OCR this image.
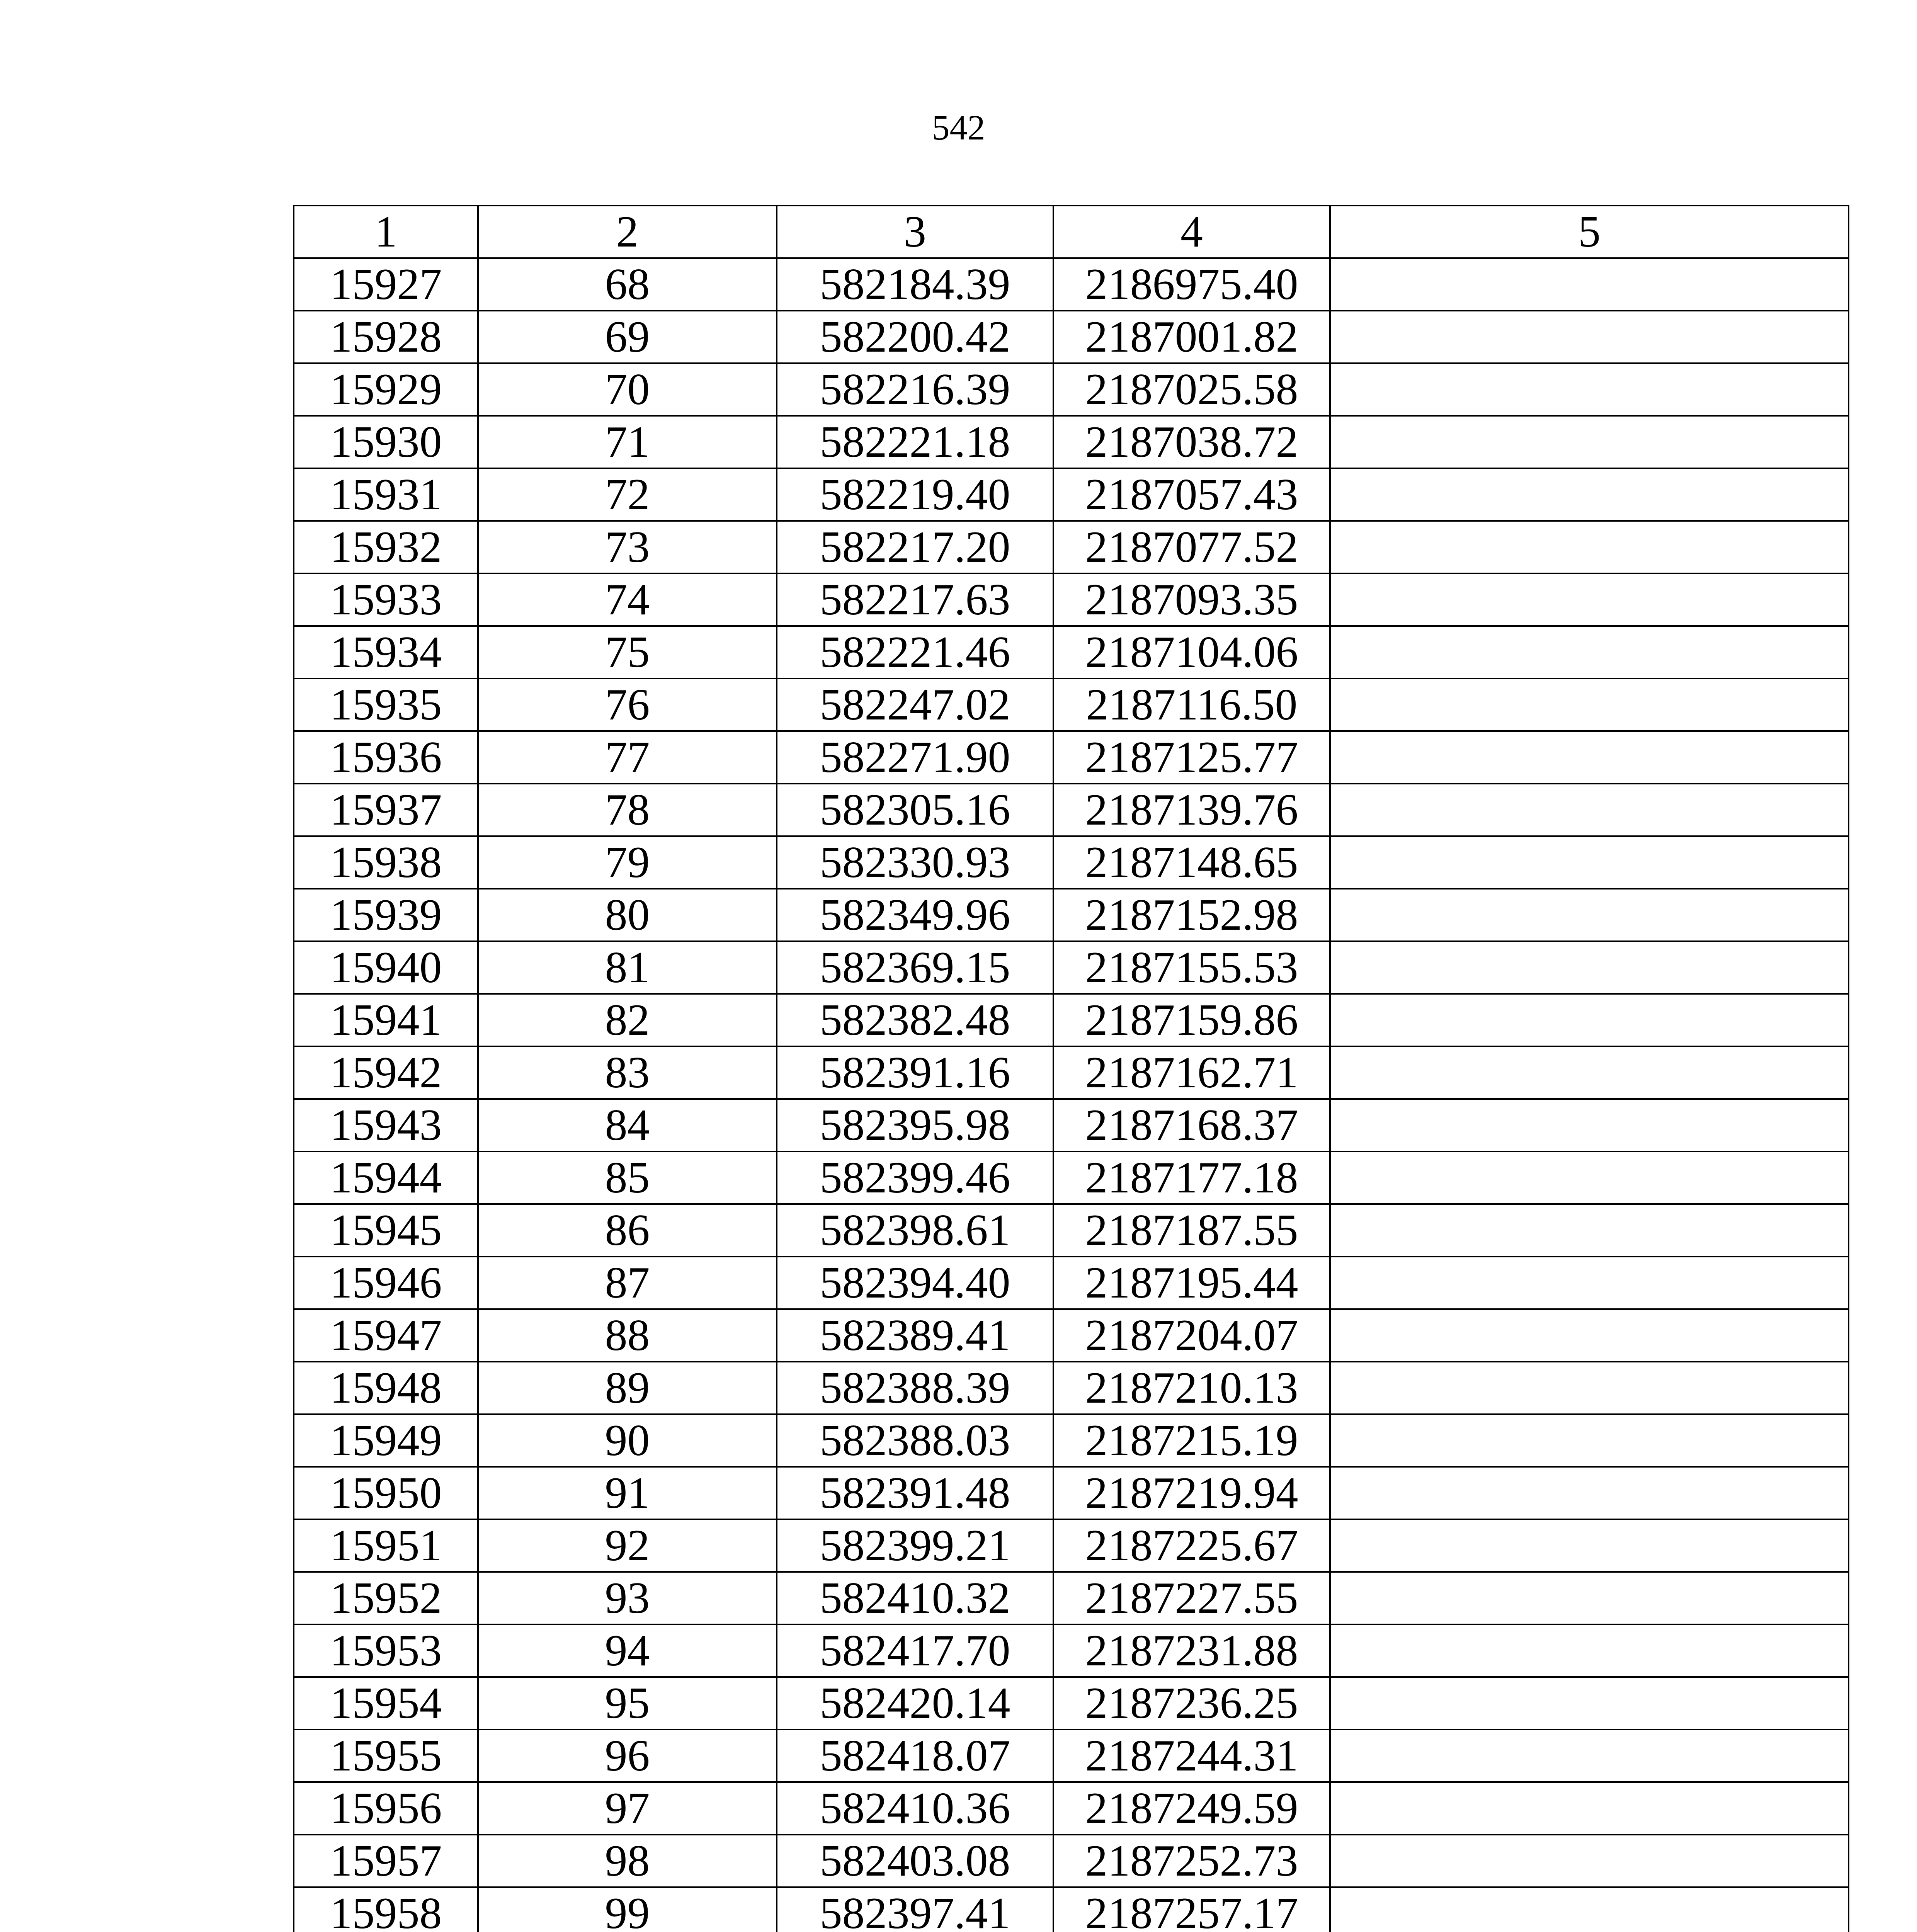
542
1	2	3	4	5
15927	68	582184.39	2186975.40	
15928	69	582200.42	2187001.82	
15929	70	582216.39	2187025.58	
15930	71	582221.18	2187038.72	
15931	72	582219.40	2187057.43	
15932	73	582217.20	2187077.52	
15933	74	582217.63	2187093.35	
15934	75	582221.46	2187104.06	
15935	76	582247.02	2187116.50	
15936	77	582271.90	2187125.77	
15937	78	582305.16	2187139.76	
15938	79	582330.93	2187148.65	
15939	80	582349.96	2187152.98	
15940	81	582369.15	2187155.53	
15941	82	582382.48	2187159.86	
15942	83	582391.16	2187162.71	
15943	84	582395.98	2187168.37	
15944	85	582399.46	2187177.18	
15945	86	582398.61	2187187.55	
15946	87	582394.40	2187195.44	
15947	88	582389.41	2187204.07	
15948	89	582388.39	2187210.13	
15949	90	582388.03	2187215.19	
15950	91	582391.48	2187219.94	
15951	92	582399.21	2187225.67	
15952	93	582410.32	2187227.55	
15953	94	582417.70	2187231.88	
15954	95	582420.14	2187236.25	
15955	96	582418.07	2187244.31	
15956	97	582410.36	2187249.59	
15957	98	582403.08	2187252.73	
15958	99	582397.41	2187257.17	
